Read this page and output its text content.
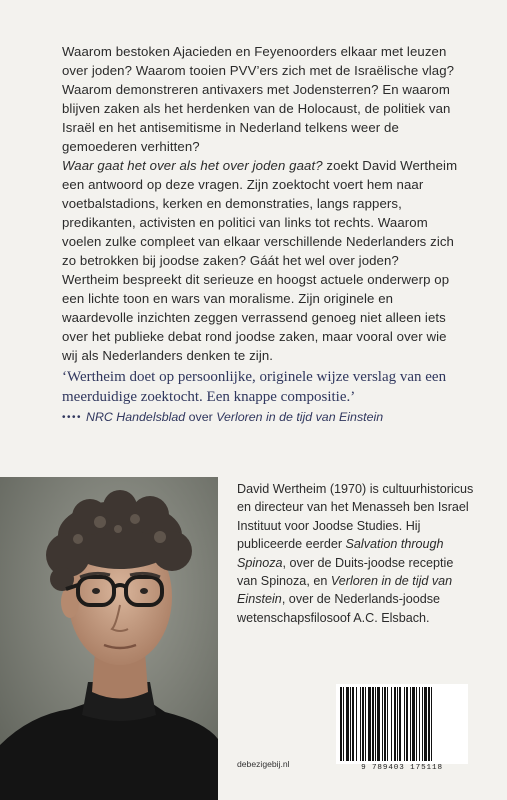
Waarom bestoken Ajacieden en Feyenoorders elkaar met leuzen over joden? Waarom tooien PVV’ers zich met de Israëlische vlag? Waarom demonstreren antivaxers met Jodensterren? En waarom blijven zaken als het herdenken van de Holocaust, de politiek van Israël en het antisemitisme in Nederland telkens weer de gemoederen verhitten?

Waar gaat het over als het over joden gaat? zoekt David Wertheim een antwoord op deze vragen. Zijn zoektocht voert hem naar voetbalstadions, kerken en demonstraties, langs rappers, predikanten, activisten en politici van links tot rechts. Waarom voelen zulke compleet van elkaar verschillende Nederlanders zich zo betrokken bij joodse zaken? Gáát het wel over joden?

Wertheim bespreekt dit serieuze en hoogst actuele onderwerp op een lichte toon en wars van moralisme. Zijn originele en waardevolle inzichten zeggen verrassend genoeg niet alleen iets over het publieke debat rond joodse zaken, maar vooral over wie wij als Nederlanders denken te zijn.

‘Wertheim doet op persoonlijke, originele wijze verslag van een meerduidige zoektocht. Een knappe compositie.’
•••• NRC Handelsblad over Verloren in de tijd van Einstein
David Wertheim (1970) is cultuurhistoricus en directeur van het Menasseh ben Israel Instituut voor Joodse Studies. Hij publiceerde eerder Salvation through Spinoza, over de Duits-joodse receptie van Spinoza, en Verloren in de tijd van Einstein, over de Nederlands-joodse wetenschapsfilosoof A.C. Elsbach.
debezigebij.nl	9 789403 175118
